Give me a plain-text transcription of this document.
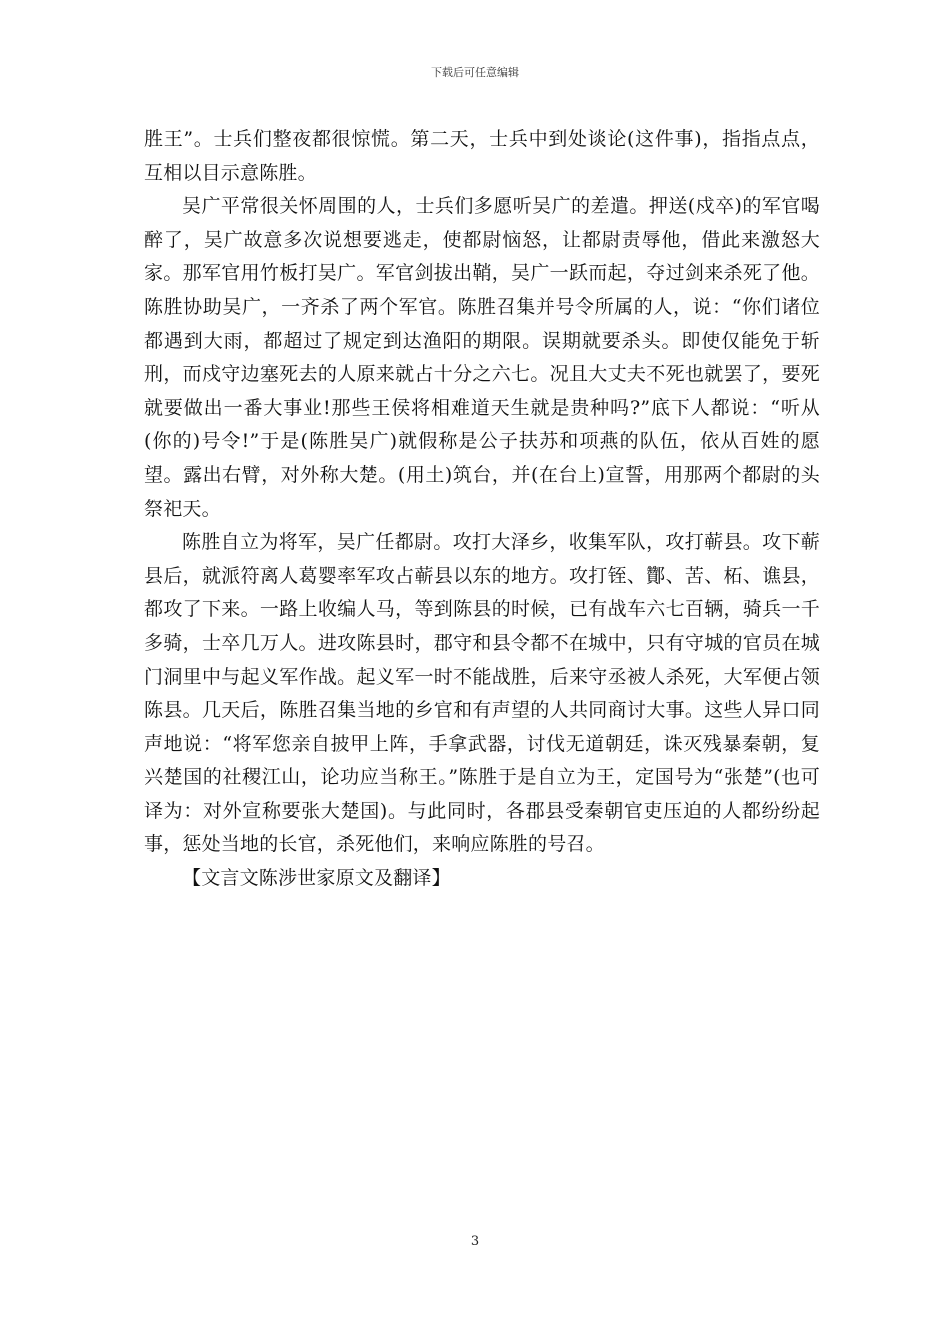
下载后可任意编辑

胜王”。士兵们整夜都很惊慌。第二天，士兵中到处谈论(这件事)，指指点点，互相以目示意陈胜。

吴广平常很关怀周围的人，士兵们多愿听吴广的差遣。押送(戍卒)的军官喝醉了，吴广故意多次说想要逃走，使都尉恼怒，让都尉责辱他，借此来激怒大家。那军官用竹板打吴广。军官剑拔出鞘，吴广一跃而起，夺过剑来杀死了他。陈胜协助吴广，一齐杀了两个军官。陈胜召集并号令所属的人，说：“你们诸位都遇到大雨，都超过了规定到达渔阳的期限。误期就要杀头。即使仅能免于斩刑，而戍守边塞死去的人原来就占十分之六七。况且大丈夫不死也就罢了，要死就要做出一番大事业!那些王侯将相难道天生就是贵种吗?”底下人都说：“听从(你的)号令!”于是(陈胜吴广)就假称是公子扶苏和项燕的队伍，依从百姓的愿望。露出右臂，对外称大楚。(用土)筑台，并(在台上)宣誓，用那两个都尉的头祭祀天。

陈胜自立为将军，吴广任都尉。攻打大泽乡，收集军队，攻打蕲县。攻下蕲县后，就派符离人葛婴率军攻占蕲县以东的地方。攻打铚、酇、苦、柘、谯县，都攻了下来。一路上收编人马，等到陈县的时候，已有战车六七百辆，骑兵一千多骑，士卒几万人。进攻陈县时，郡守和县令都不在城中，只有守城的官员在城门洞里中与起义军作战。起义军一时不能战胜，后来守丞被人杀死，大军便占领陈县。几天后，陈胜召集当地的乡官和有声望的人共同商讨大事。这些人异口同声地说：“将军您亲自披甲上阵，手拿武器，讨伐无道朝廷，诛灭残暴秦朝，复兴楚国的社稷江山，论功应当称王。”陈胜于是自立为王，定国号为“张楚”(也可译为：对外宣称要张大楚国)。与此同时，各郡县受秦朝官吏压迫的人都纷纷起事，惩处当地的长官，杀死他们，来响应陈胜的号召。

【文言文陈涉世家原文及翻译】

3
